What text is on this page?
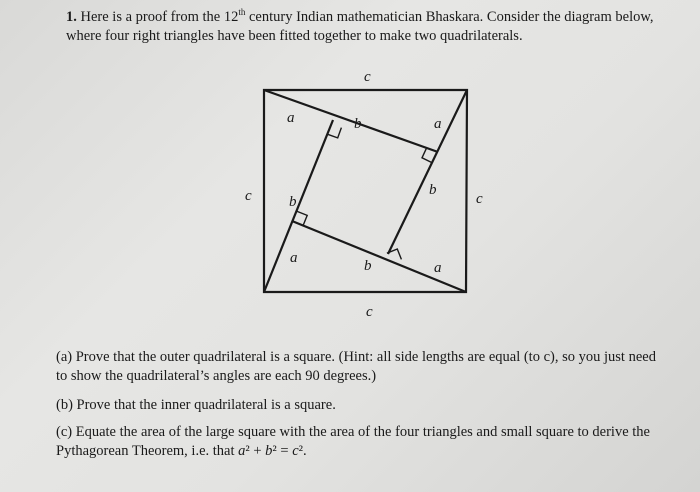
1. Here is a proof from the 12th century Indian mathematician Bhaskara. Consider the diagram below, where four right triangles have been fitted together to make two quadrilaterals.
c
c	c
c
a	b	a
b
b
a	b	a
(a) Prove that the outer quadrilateral is a square. (Hint: all side lengths are equal (to c), so you just need to show the quadrilateral’s angles are each 90 degrees.)
(b) Prove that the inner quadrilateral is a square.
(c) Equate the area of the large square with the area of the four triangles and small square to derive the Pythagorean Theorem, i.e. that a² + b² = c².
